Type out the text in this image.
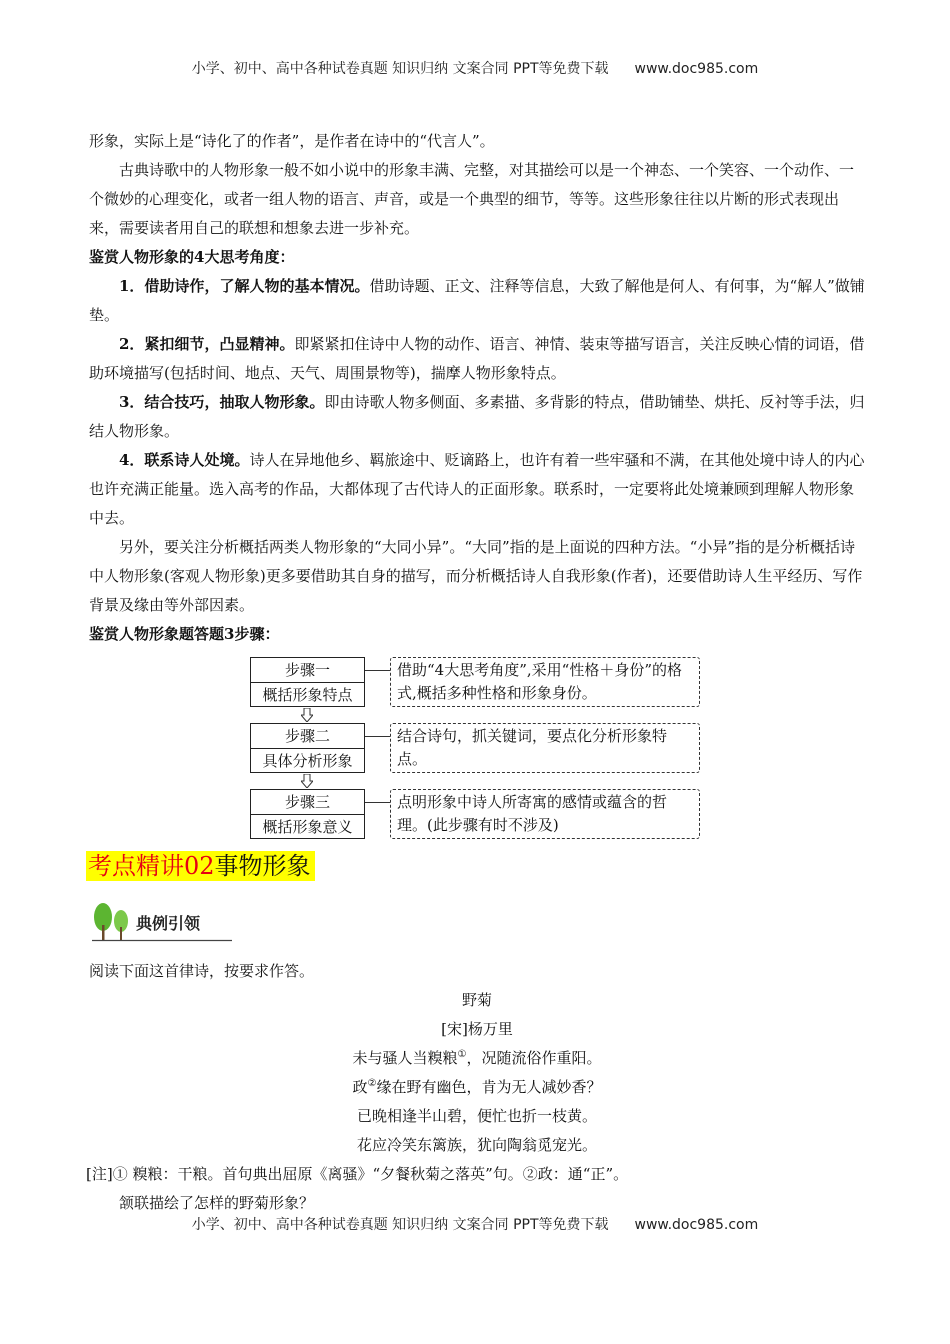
小学、初中、高中各种试卷真题 知识归纳 文案合同 PPT等免费下载 www.doc985.com

形象，实际上是“诗化了的作者”，是作者在诗中的“代言人”。

古典诗歌中的人物形象一般不如小说中的形象丰满、完整，对其描绘可以是一个神态、一个笑容、一个动作、一个微妙的心理变化，或者一组人物的语言、声音，或是一个典型的细节，等等。这些形象往往以片断的形式表现出来，需要读者用自己的联想和想象去进一步补充。

鉴赏人物形象的4大思考角度：

1．借助诗作，了解人物的基本情况。借助诗题、正文、注释等信息，大致了解他是何人、有何事，为“解人”做铺垫。

2．紧扣细节，凸显精神。即紧紧扣住诗中人物的动作、语言、神情、装束等描写语言，关注反映心情的词语，借助环境描写(包括时间、地点、天气、周围景物等)，揣摩人物形象特点。

3．结合技巧，抽取人物形象。即由诗歌人物多侧面、多素描、多背影的特点，借助铺垫、烘托、反衬等手法，归结人物形象。

4．联系诗人处境。诗人在异地他乡、羁旅途中、贬谪路上，也许有着一些牢骚和不满，在其他处境中诗人的内心也许充满正能量。选入高考的作品，大都体现了古代诗人的正面形象。联系时，一定要将此处境兼顾到理解人物形象中去。

另外，要关注分析概括两类人物形象的“大同小异”。“大同”指的是上面说的四种方法。“小异”指的是分析概括诗中人物形象(客观人物形象)更多要借助其自身的描写，而分析概括诗人自我形象(作者)，还要借助诗人生平经历、写作背景及缘由等外部因素。

鉴赏人物形象题答题3步骤：

步骤一
概括形象特点
借助“4大思考角度”,采用“性格＋身份”的格式,概括多种性格和形象身份。
步骤二
具体分析形象
结合诗句，抓关键词，要点化分析形象特点。
步骤三
概括形象意义
点明形象中诗人所寄寓的感情或蕴含的哲理。(此步骤有时不涉及)
考点精讲02事物形象
典例引领

阅读下面这首律诗，按要求作答。

野菊

[宋]杨万里

未与骚人当糗粮①，况随流俗作重阳。

政②缘在野有幽色，肯为无人减妙香？

已晚相逢半山碧，便忙也折一枝黄。

花应冷笑东篱族，犹向陶翁觅宠光。

[注]① 糗粮：干粮。首句典出屈原《离骚》“夕餐秋菊之落英”句。②政：通“正”。

颔联描绘了怎样的野菊形象？

小学、初中、高中各种试卷真题 知识归纳 文案合同 PPT等免费下载 www.doc985.com
